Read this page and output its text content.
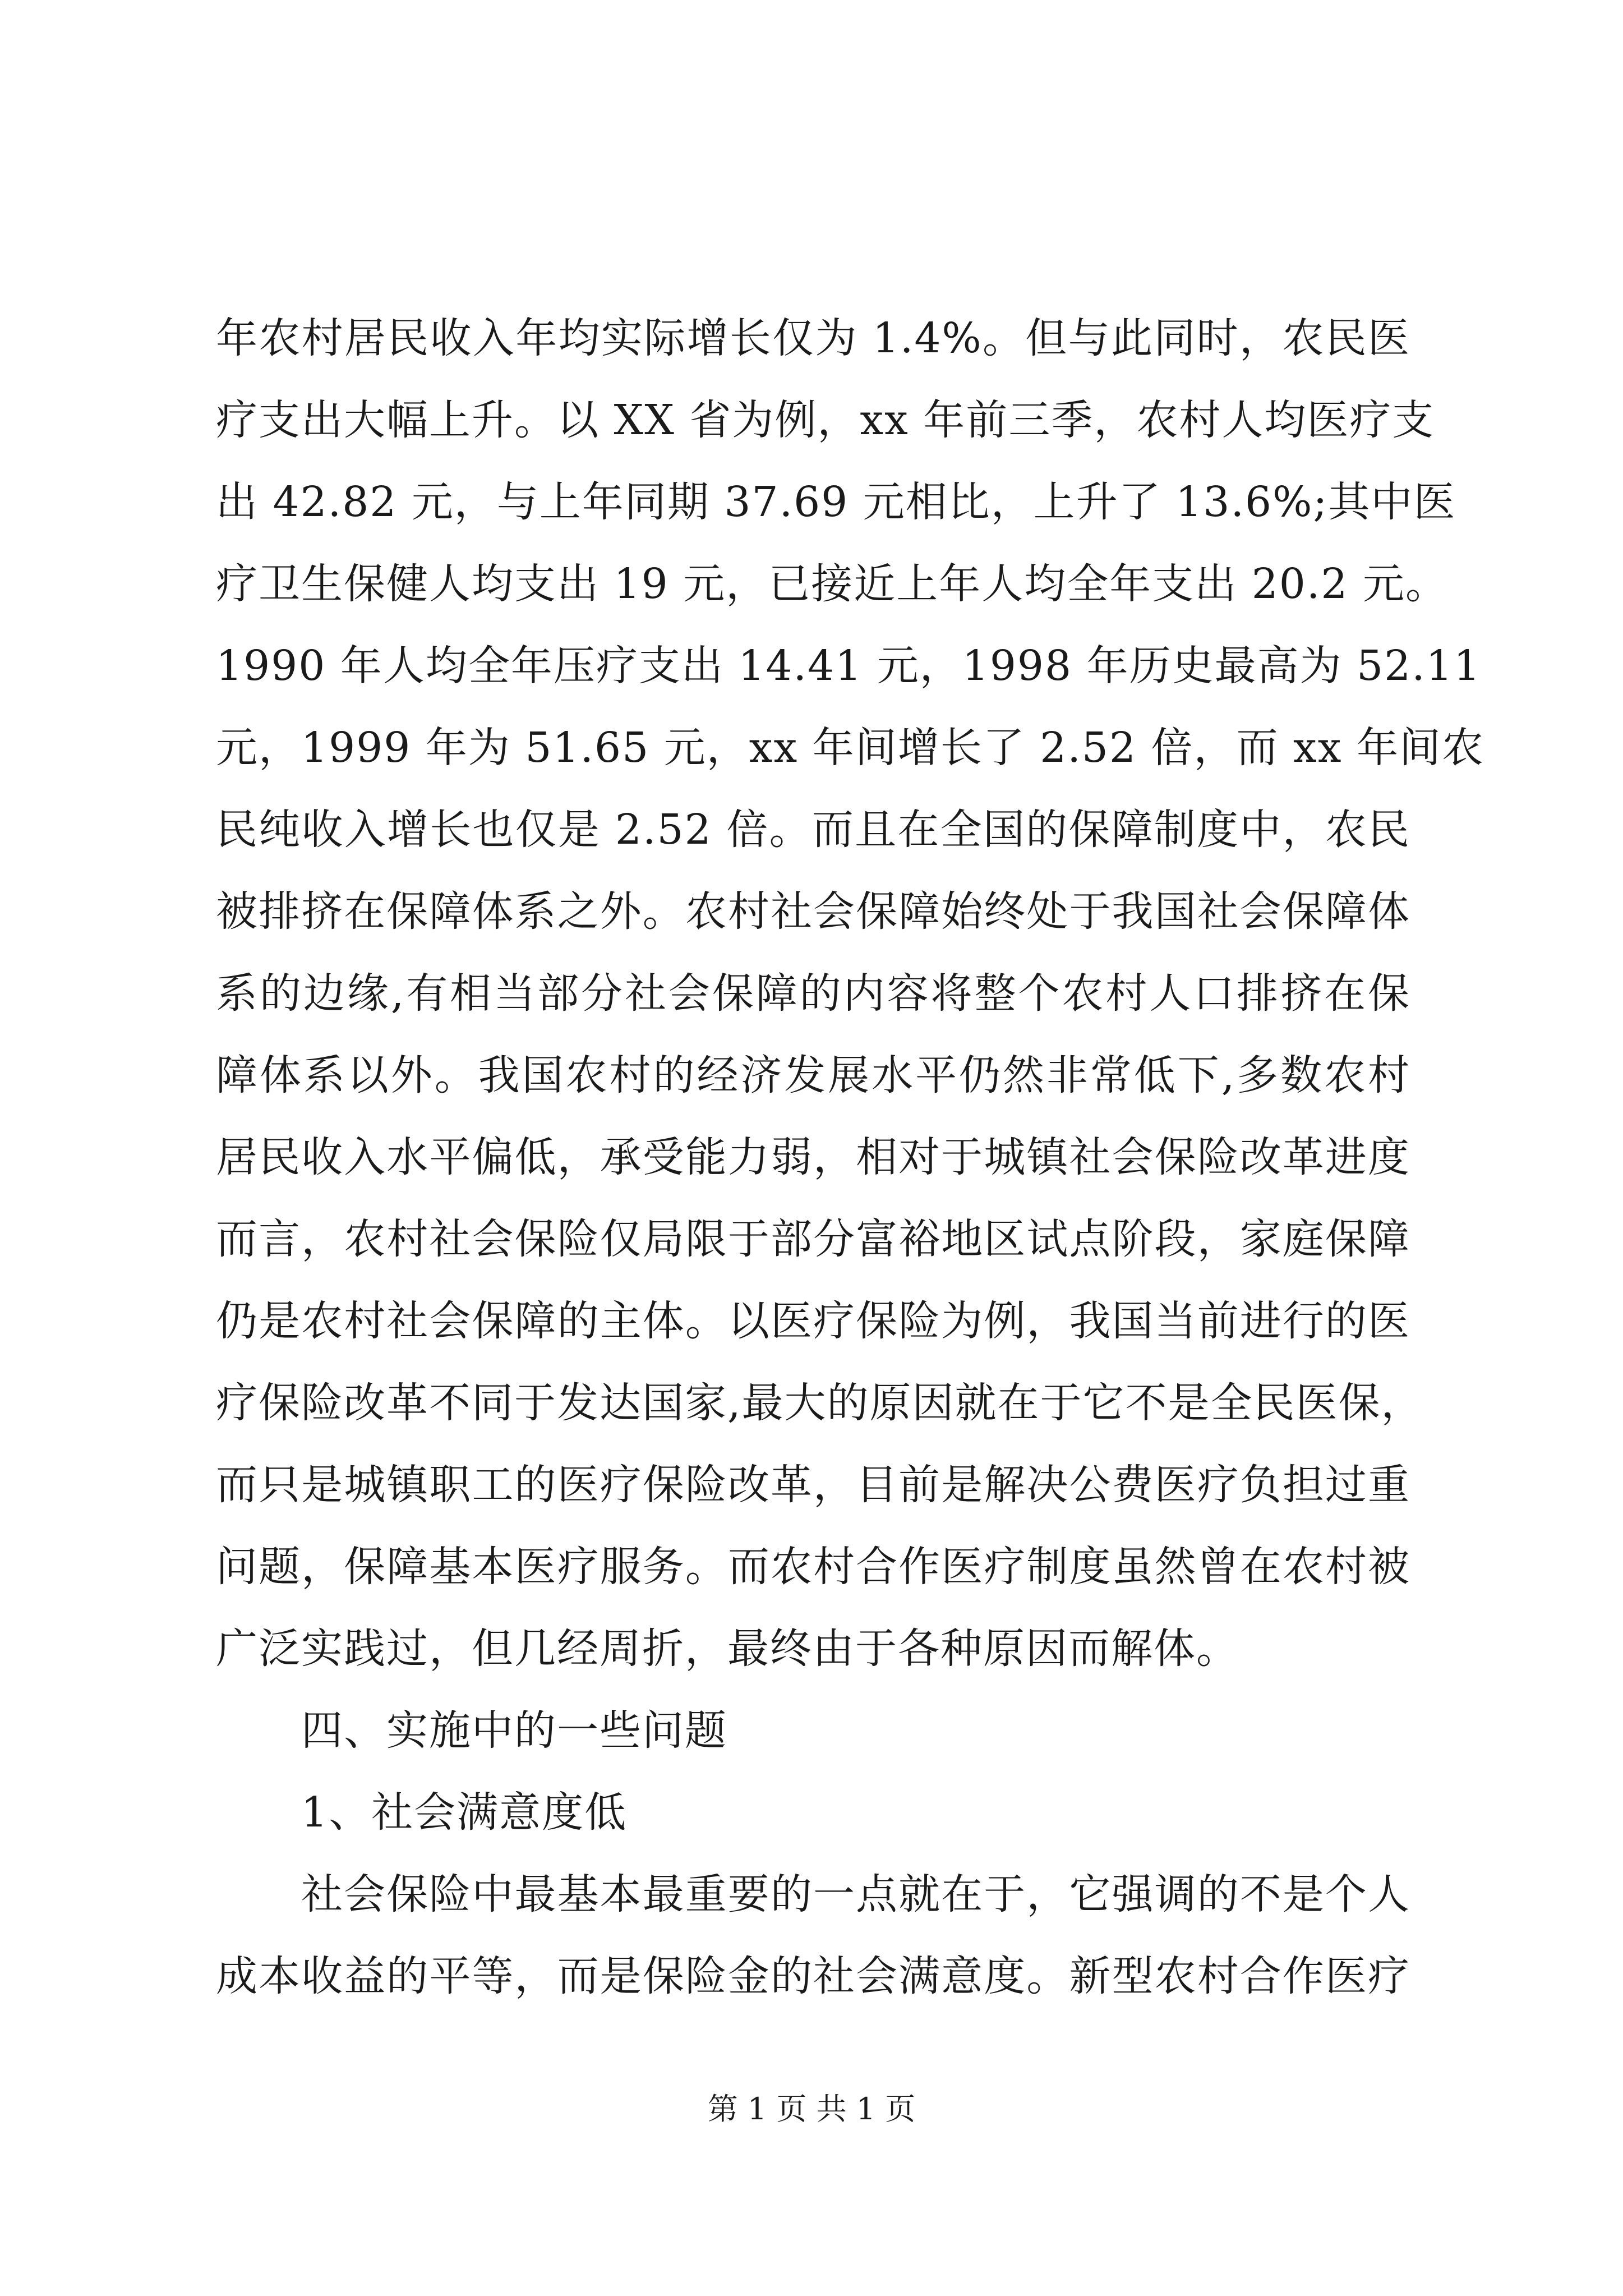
年农村居民收入年均实际增长仅为 1.4%。但与此同时，农民医
疗支出大幅上升。以 XX 省为例，xx 年前三季，农村人均医疗支
出 42.82 元，与上年同期 37.69 元相比，上升了 13.6%;其中医
疗卫生保健人均支出 19 元，已接近上年人均全年支出 20.2 元。
1990 年人均全年压疗支出 14.41 元，1998 年历史最高为 52.11
元，1999 年为 51.65 元，xx 年间增长了 2.52 倍，而 xx 年间农
民纯收入增长也仅是 2.52 倍。而且在全国的保障制度中，农民
被排挤在保障体系之外。农村社会保障始终处于我国社会保障体
系的边缘,有相当部分社会保障的内容将整个农村人口排挤在保
障体系以外。我国农村的经济发展水平仍然非常低下,多数农村
居民收入水平偏低，承受能力弱，相对于城镇社会保险改革进度
而言，农村社会保险仅局限于部分富裕地区试点阶段，家庭保障
仍是农村社会保障的主体。以医疗保险为例，我国当前进行的医
疗保险改革不同于发达国家,最大的原因就在于它不是全民医保，
而只是城镇职工的医疗保险改革，目前是解决公费医疗负担过重
问题，保障基本医疗服务。而农村合作医疗制度虽然曾在农村被
广泛实践过，但几经周折，最终由于各种原因而解体。
四、实施中的一些问题
1、社会满意度低
社会保险中最基本最重要的一点就在于，它强调的不是个人
成本收益的平等，而是保险金的社会满意度。新型农村合作医疗
第 1 页 共 1 页
